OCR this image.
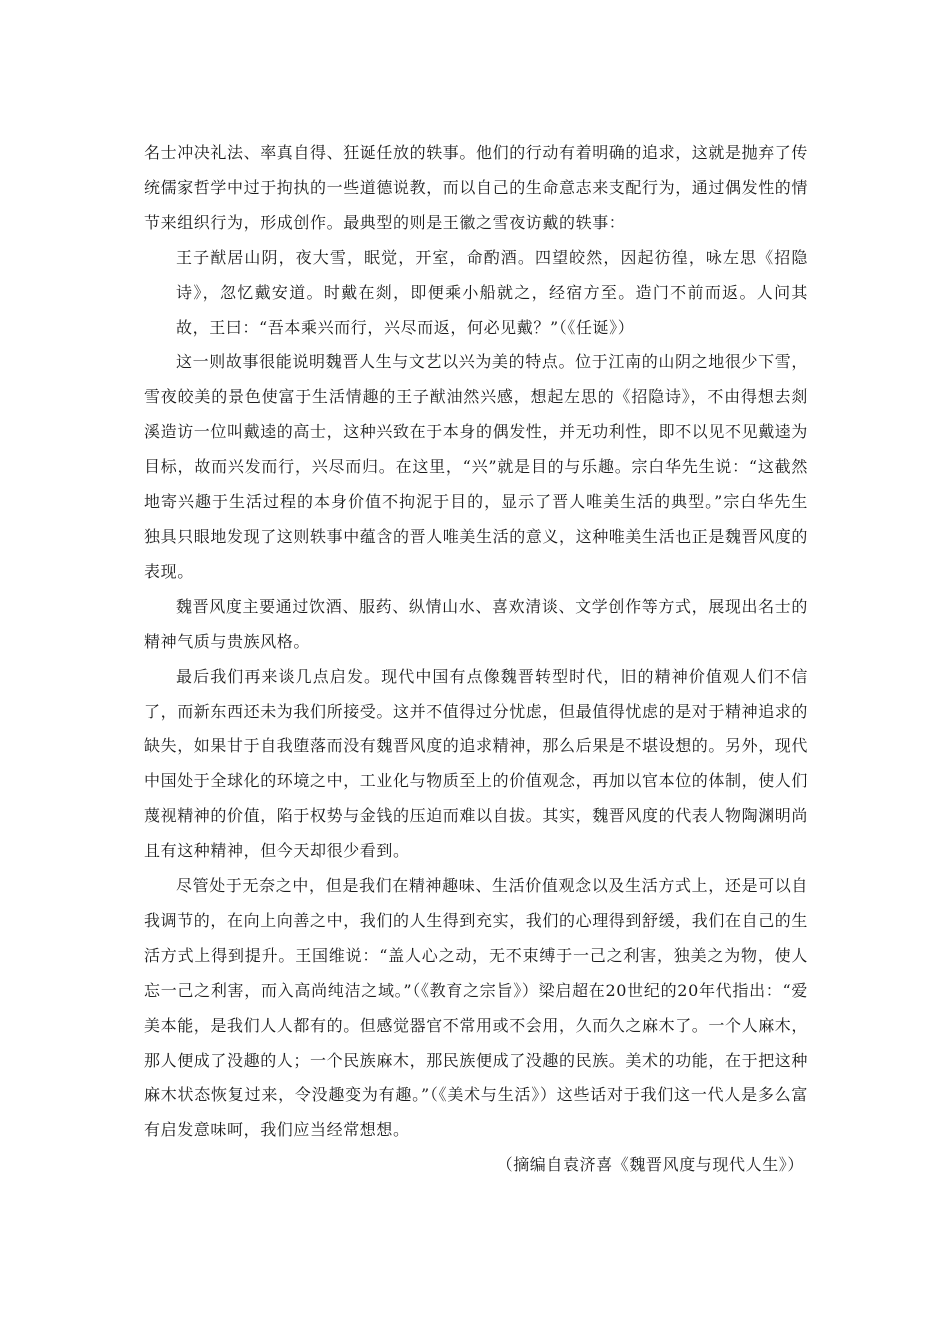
名士冲决礼法、率真自得、狂诞任放的轶事。他们的行动有着明确的追求，这就是抛弃了传统儒家哲学中过于拘执的一些道德说教，而以自己的生命意志来支配行为，通过偶发性的情节来组织行为，形成创作。最典型的则是王徽之雪夜访戴的轶事：

王子猷居山阴，夜大雪，眠觉，开室，命酌酒。四望皎然，因起彷徨，咏左思《招隐诗》，忽忆戴安道。时戴在剡，即便乘小船就之，经宿方至。造门不前而返。人问其故，王曰：“吾本乘兴而行，兴尽而返，何必见戴？”（《任诞》）

这一则故事很能说明魏晋人生与文艺以兴为美的特点。位于江南的山阴之地很少下雪，雪夜皎美的景色使富于生活情趣的王子猷油然兴感，想起左思的《招隐诗》，不由得想去剡溪造访一位叫戴逵的高士，这种兴致在于本身的偶发性，并无功利性，即不以见不见戴逵为目标，故而兴发而行，兴尽而归。在这里，“兴”就是目的与乐趣。宗白华先生说：“这截然地寄兴趣于生活过程的本身价值不拘泥于目的，显示了晋人唯美生活的典型。”宗白华先生独具只眼地发现了这则轶事中蕴含的晋人唯美生活的意义，这种唯美生活也正是魏晋风度的表现。

魏晋风度主要通过饮酒、服药、纵情山水、喜欢清谈、文学创作等方式，展现出名士的精神气质与贵族风格。

最后我们再来谈几点启发。现代中国有点像魏晋转型时代，旧的精神价值观人们不信了，而新东西还未为我们所接受。这并不值得过分忧虑，但最值得忧虑的是对于精神追求的缺失，如果甘于自我堕落而没有魏晋风度的追求精神，那么后果是不堪设想的。另外，现代中国处于全球化的环境之中，工业化与物质至上的价值观念，再加以官本位的体制，使人们蔑视精神的价值，陷于权势与金钱的压迫而难以自拔。其实，魏晋风度的代表人物陶渊明尚且有这种精神，但今天却很少看到。

尽管处于无奈之中，但是我们在精神趣味、生活价值观念以及生活方式上，还是可以自我调节的，在向上向善之中，我们的人生得到充实，我们的心理得到舒缓，我们在自己的生活方式上得到提升。王国维说：“盖人心之动，无不束缚于一己之利害，独美之为物，使人忘一己之利害，而入高尚纯洁之域。”（《教育之宗旨》）梁启超在20世纪的20年代指出：“爱美本能，是我们人人都有的。但感觉器官不常用或不会用，久而久之麻木了。一个人麻木，那人便成了没趣的人；一个民族麻木，那民族便成了没趣的民族。美术的功能，在于把这种麻木状态恢复过来，令没趣变为有趣。”（《美术与生活》）这些话对于我们这一代人是多么富有启发意味呵，我们应当经常想想。

（摘编自袁济喜《魏晋风度与现代人生》）
